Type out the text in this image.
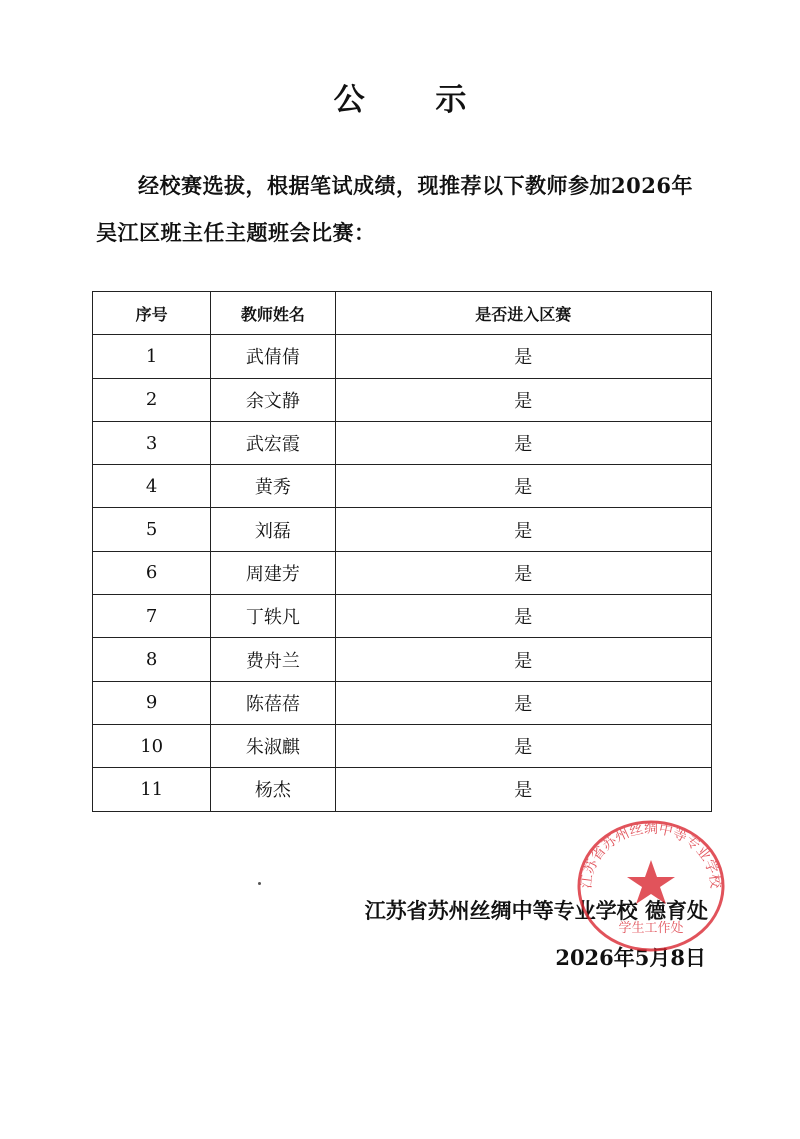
公 示
经校赛选拔，根据笔试成绩，现推荐以下教师参加2026年吴江区班主任主题班会比赛：
序号	教师姓名	是否进入区赛
1	武倩倩	是
2	余文静	是
3	武宏霞	是
4	黄秀	是
5	刘磊	是
6	周建芳	是
7	丁轶凡	是
8	费舟兰	是
9	陈蓓蓓	是
10	朱淑麒	是
11	杨杰	是
江苏省苏州丝绸中等专业学校 德育处
2026年5月8日
江苏省苏州丝绸中等专业学校
学生工作处
